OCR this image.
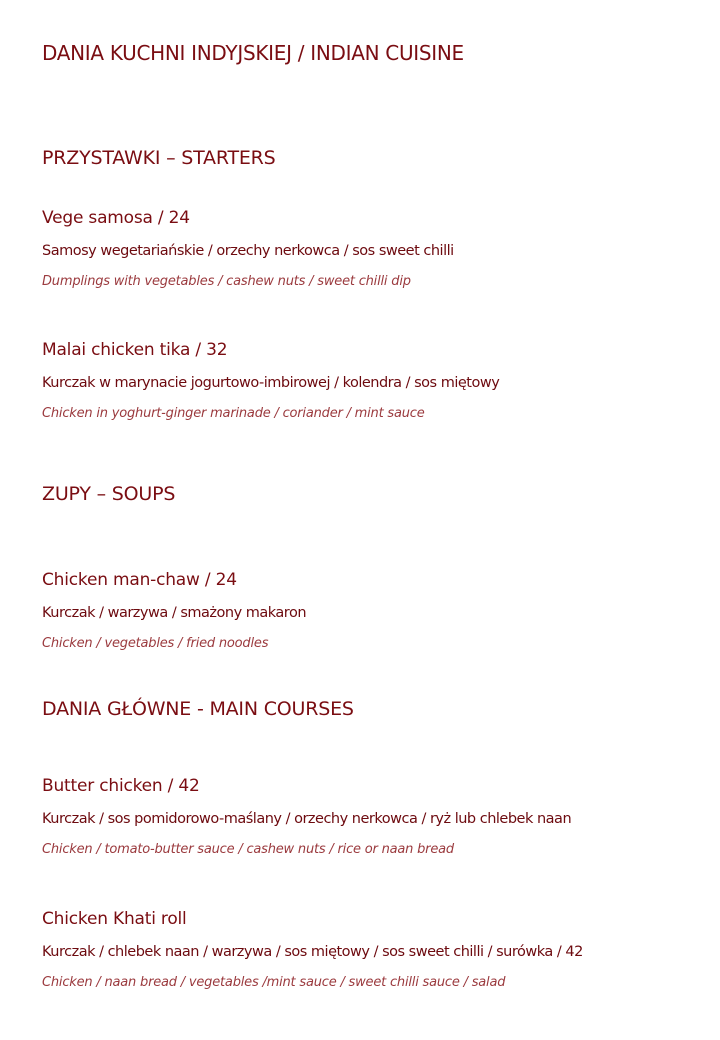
DANIA KUCHNI INDYJSKIEJ / INDIAN CUISINE
PRZYSTAWKI – STARTERS
Vege samosa / 24
Samosy wegetariańskie / orzechy nerkowca / sos sweet chilli
Dumplings with vegetables / cashew nuts / sweet chilli dip
Malai chicken tika / 32
Kurczak w marynacie jogurtowo-imbirowej / kolendra / sos miętowy
Chicken in yoghurt-ginger marinade / coriander / mint sauce
ZUPY – SOUPS
Chicken man-chaw / 24
Kurczak / warzywa / smażony makaron
Chicken / vegetables / fried noodles
DANIA GŁÓWNE - MAIN COURSES
Butter chicken / 42
Kurczak / sos pomidorowo-maślany / orzechy nerkowca / ryż lub chlebek naan
Chicken / tomato-butter sauce / cashew nuts / rice or naan bread
Chicken Khati roll
Kurczak / chlebek naan / warzywa / sos miętowy / sos sweet chilli / surówka / 42
Chicken / naan bread / vegetables /mint sauce / sweet chilli sauce / salad
